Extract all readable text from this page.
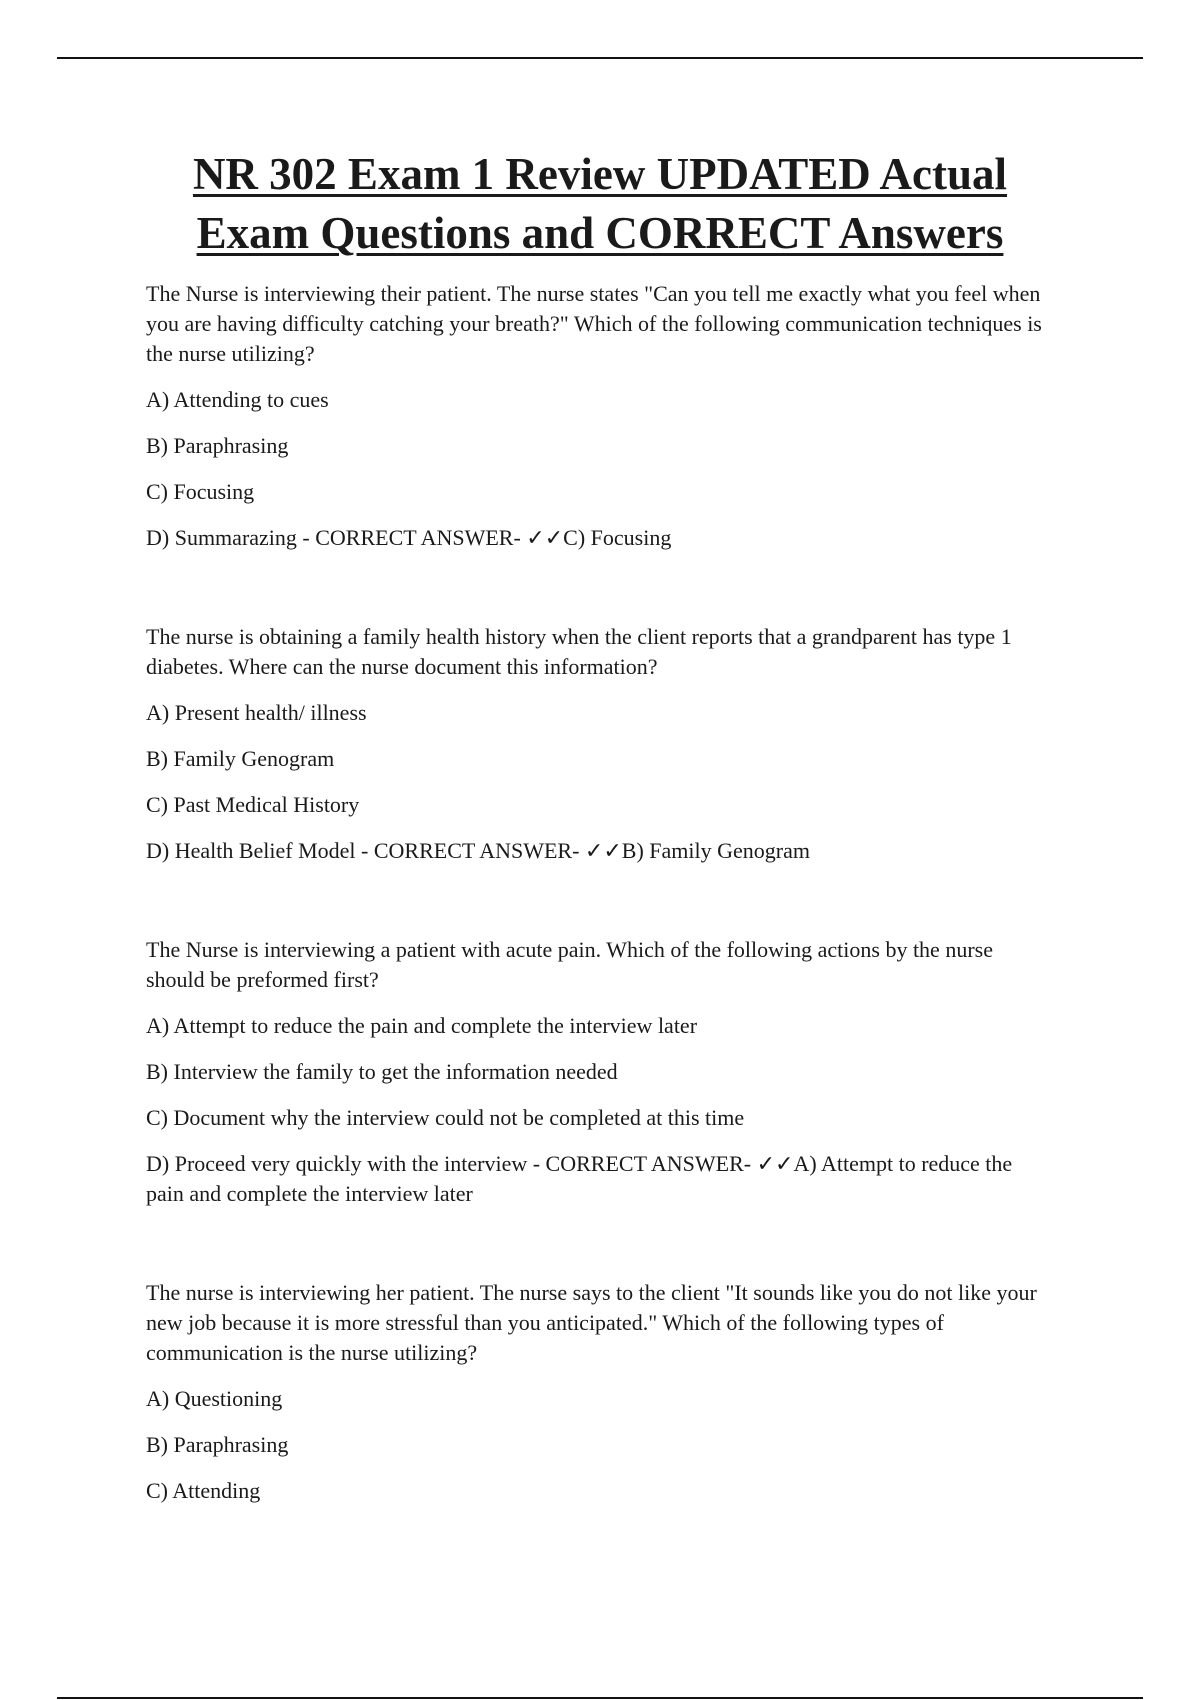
NR 302 Exam 1 Review UPDATED Actual
Exam Questions and CORRECT Answers

The Nurse is interviewing their patient. The nurse states "Can you tell me exactly what you feel when you are having difficulty catching your breath?" Which of the following communication techniques is the nurse utilizing?

A) Attending to cues
B) Paraphrasing
C) Focusing
D) Summarazing - CORRECT ANSWER- ✓✓C) Focusing

The nurse is obtaining a family health history when the client reports that a grandparent has type 1 diabetes. Where can the nurse document this information?

A) Present health/ illness
B) Family Genogram
C) Past Medical History
D) Health Belief Model - CORRECT ANSWER- ✓✓B) Family Genogram

The Nurse is interviewing a patient with acute pain. Which of the following actions by the nurse should be preformed first?

A) Attempt to reduce the pain and complete the interview later
B) Interview the family to get the information needed
C) Document why the interview could not be completed at this time
D) Proceed very quickly with the interview - CORRECT ANSWER- ✓✓A) Attempt to reduce the pain and complete the interview later

The nurse is interviewing her patient. The nurse says to the client "It sounds like you do not like your new job because it is more stressful than you anticipated." Which of the following types of communication is the nurse utilizing?

A) Questioning
B) Paraphrasing
C) Attending
